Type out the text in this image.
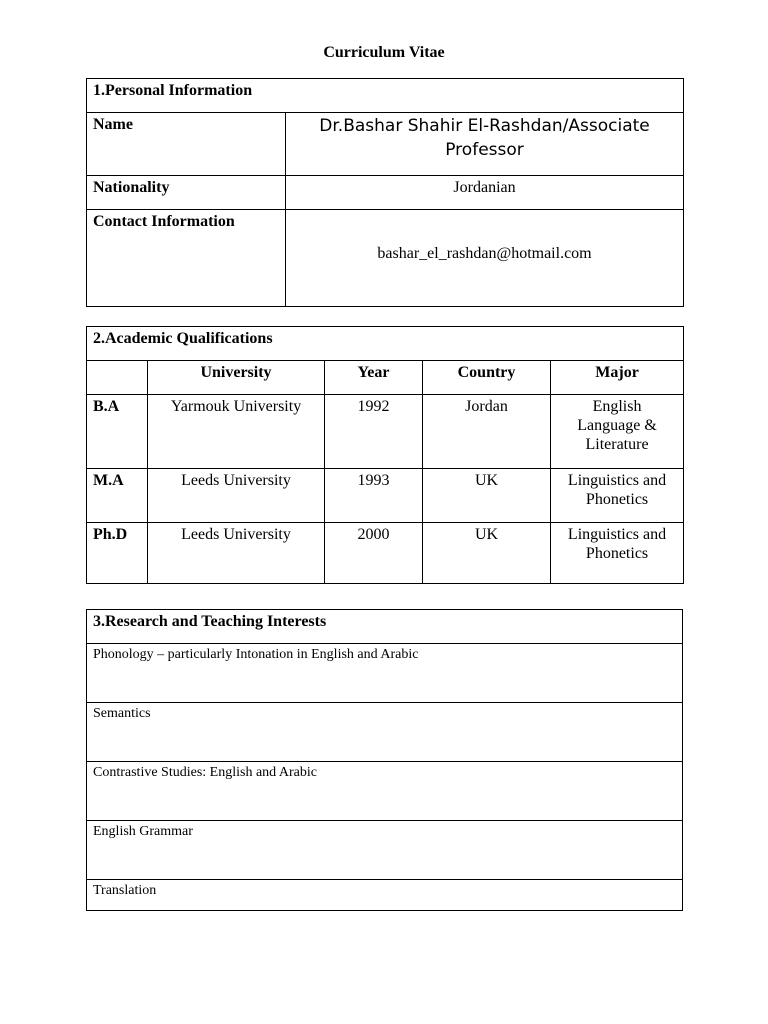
Curriculum Vitae
1.Personal Information	
Name	Dr.Bashar Shahir El-Rashdan/Associate
Professor

Nationality	Jordanian
Contact Information	bashar_el_rashdan@hotmail.com
2.Academic Qualifications				
	University	Year	Country	Major
B.A	Yarmouk University	1992	Jordan	English
Language &
Literature

M.A	Leeds University	1993	UK	Linguistics and
Phonetics

Ph.D	Leeds University	2000	UK	Linguistics and
Phonetics
3.Research and Teaching Interests
Phonology – particularly Intonation in English and Arabic
Semantics
Contrastive Studies: English and Arabic
English Grammar
Translation
